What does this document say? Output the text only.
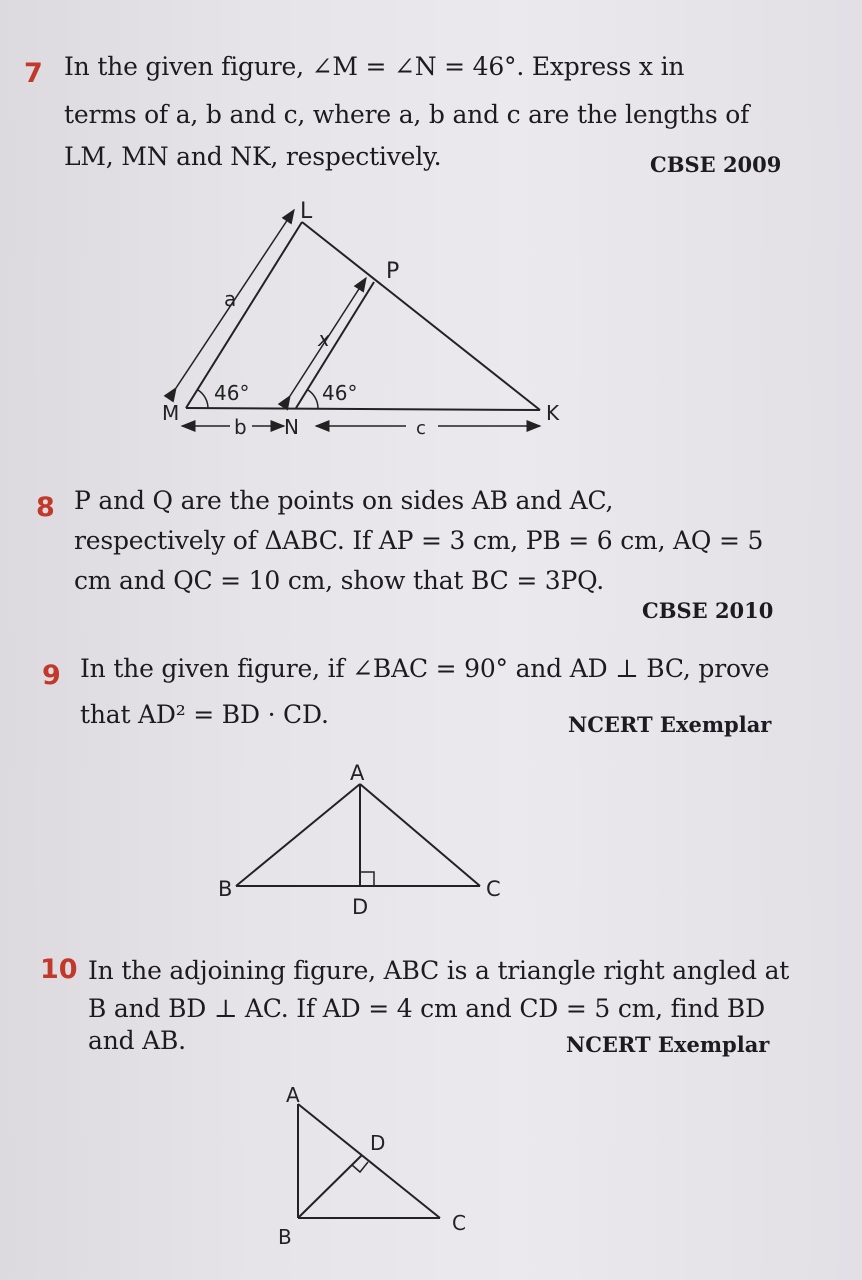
7 In the given figure, ∠M = ∠N = 46°. Express x in
terms of a, b and c, where a, b and c are the lengths of
LM, MN and NK, respectively.	CBSE 2009
L
P
M
N
K
46°	46°
a
x
b	c
A
B	C
D
A
D
B
C
8 P and Q are the points on sides AB and AC,
respectively of ΔABC. If AP = 3 cm, PB = 6 cm, AQ = 5
cm and QC = 10 cm, show that BC = 3PQ.
CBSE 2010
9 In the given figure, if ∠BAC = 90° and AD ⊥ BC, prove
that AD² = BD · CD.	NCERT Exemplar
10 In the adjoining figure, ABC is a triangle right angled at
B and BD ⊥ AC. If AD = 4 cm and CD = 5 cm, find BD
and AB.	NCERT Exemplar
